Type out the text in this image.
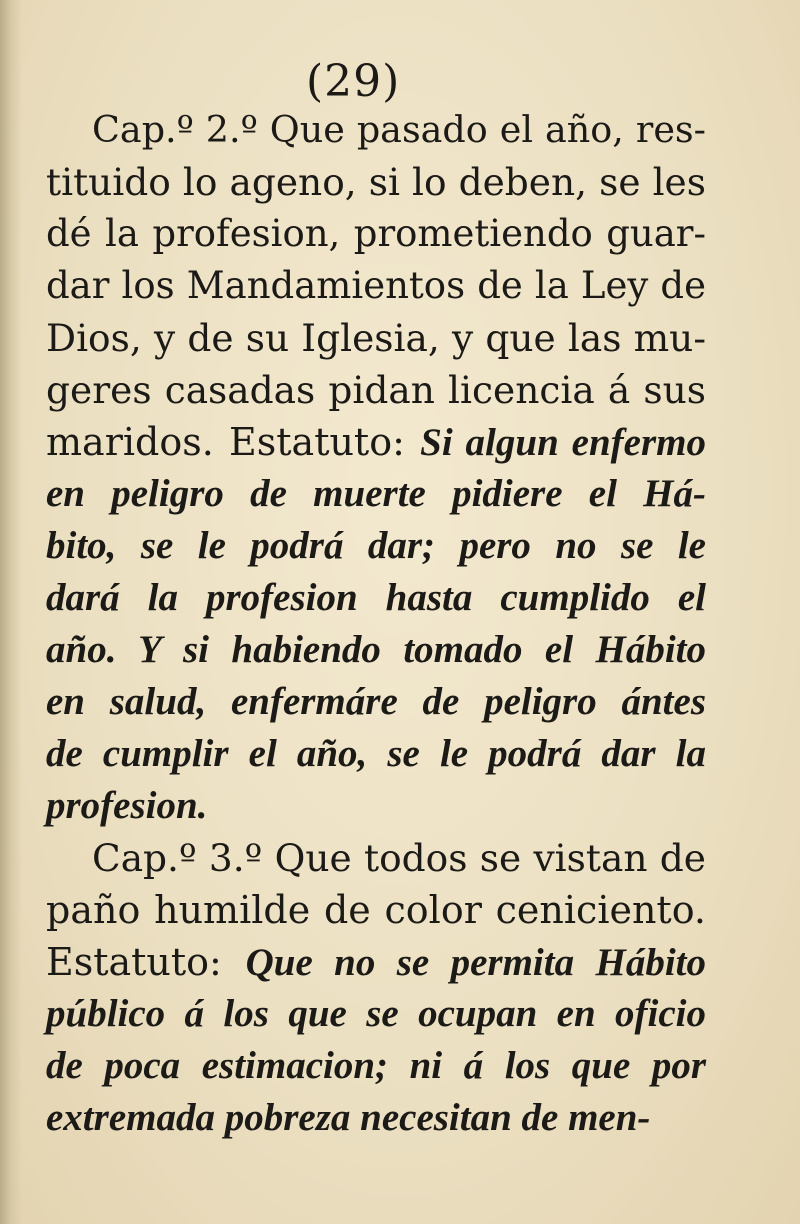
(29)
Cap.º 2.º Que pasado el año, res-
tituido lo ageno, si lo deben, se les
dé la profesion, prometiendo guar-
dar los Mandamientos de la Ley de
Dios, y de su Iglesia, y que las mu-
geres casadas pidan licencia á sus
maridos. Estatuto: Si algun enfermo
en peligro de muerte pidiere el Há-
bito, se le podrá dar; pero no se le
dará la profesion hasta cumplido el
año. Y si habiendo tomado el Hábito
en salud, enfermáre de peligro ántes
de cumplir el año, se le podrá dar la
profesion.
Cap.º 3.º Que todos se vistan de
paño humilde de color ceniciento.
Estatuto: Que no se permita Hábito
público á los que se ocupan en oficio
de poca estimacion; ni á los que por
extremada pobreza necesitan de men-
